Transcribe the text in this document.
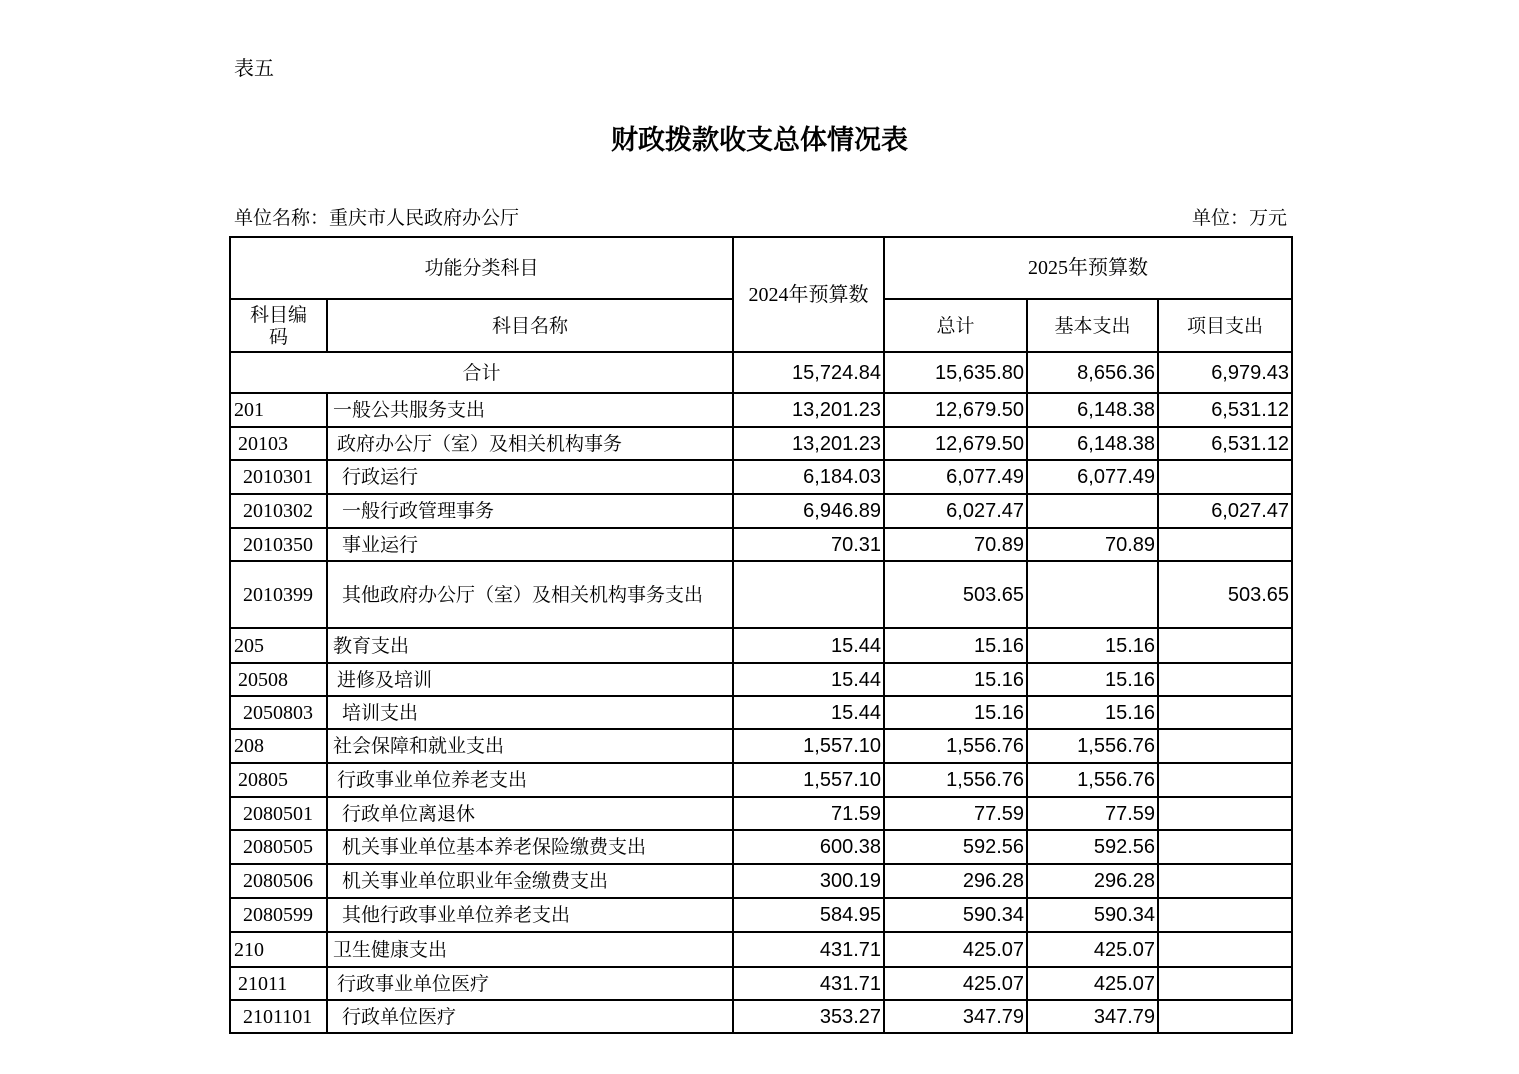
表五
财政拨款收支总体情况表
单位名称：重庆市人民政府办公厅	单位：万元
功能分类科目		2024年预算数	2025年预算数		
科目编码	科目名称		总计	基本支出	项目支出
合计		15,724.84	15,635.80	8,656.36	6,979.43
201	一般公共服务支出	13,201.23	12,679.50	6,148.38	6,531.12
20103	政府办公厅（室）及相关机构事务	13,201.23	12,679.50	6,148.38	6,531.12
2010301	行政运行	6,184.03	6,077.49	6,077.49	
2010302	一般行政管理事务	6,946.89	6,027.47		6,027.47
2010350	事业运行	70.31	70.89	70.89	
2010399	其他政府办公厅（室）及相关机构事务支出		503.65		503.65
205	教育支出	15.44	15.16	15.16	
20508	进修及培训	15.44	15.16	15.16	
2050803	培训支出	15.44	15.16	15.16	
208	社会保障和就业支出	1,557.10	1,556.76	1,556.76	
20805	行政事业单位养老支出	1,557.10	1,556.76	1,556.76	
2080501	行政单位离退休	71.59	77.59	77.59	
2080505	机关事业单位基本养老保险缴费支出	600.38	592.56	592.56	
2080506	机关事业单位职业年金缴费支出	300.19	296.28	296.28	
2080599	其他行政事业单位养老支出	584.95	590.34	590.34	
210	卫生健康支出	431.71	425.07	425.07	
21011	行政事业单位医疗	431.71	425.07	425.07	
2101101	行政单位医疗	353.27	347.79	347.79	
